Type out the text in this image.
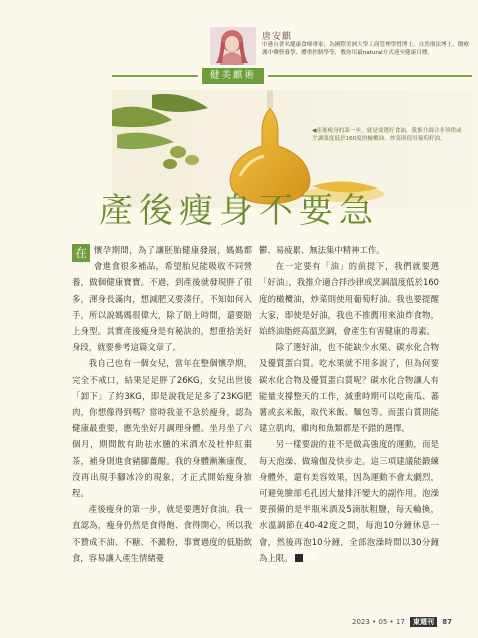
唐安麒
中港台著名健康食療專家；為國際美洲大學工商管理學營博士、自然療法博士、醫療護中藥營養學、體重控制學等，教你用最natural方式達至健康目標。
健美麒術
◀產後瘦身的第一步，就是要選好食油，我推介調合非珍律或烹調溫度低於160度的橄欖油、炒菜則使用葡萄籽油。
產後瘦身不要急

在 懷孕期間，為了讓胚胎健康發展，媽媽都會進食很多補品，希望胎兒能吸收不同營養，做個健康寶寶。不過，到產後就發現胖了很多，渾身長滿肉，想減肥又要湊仔，不知如何入手，所以說媽媽很偉大，除了賠上時間，還要賠上身型。其實產後瘦身是有秘訣的，想重拾美好身段，就要參考這篇文章了。

我自己也有一個女兒，當年在整個懷孕期，完全不戒口，結果足足胖了26KG，女兒出世後「卸下」了約3KG，即是說我足足多了23KG肥肉，你想像得到嗎？當時我並不急於瘦身，認為健康最重要，應先坐好月調理身體。坐月坐了六個月，期間飲有助祛水腫的米酒水及杜仲紅棗茶，補身則進食豬腳薑醋。我的身體漸漸康復，沒再出現手腳冰冷的現象，才正式開始瘦身旅程。

產後瘦身的第一步，就是要選好食油。我一直認為，瘦身仍然是食得飽、食得開心，所以我不贊成不油、不糖、不澱粉，事實過度的低脂飲食，容易讓人產生情緒憂

鬱、易疲累、無法集中精神工作。

在一定要有「油」的前提下，我們就要選「好油」，我推介適合拌沙律或烹調溫度低於160度的橄欖油，炒菜則使用葡萄籽油。我也要提醒大家，即使是好油，我也不推薦用來油炸食物，始終油脂經高溫烹調，會產生有害健康的毒素。

除了選好油，也不能缺少水果、碳水化合物及優質蛋白質。吃水果就不用多說了，但為何要碳水化合物及優質蛋白質呢？碳水化合物讓人有能量支撐整天的工作，減重時期可以吃南瓜、蕃薯或玄米飯，取代米飯、麵包等。而蛋白質則能建立肌肉，雞肉和魚類都是不錯的選擇。

另一樣要說的並不是做高強度的運動，而是每天泡澡、做瑜伽及快步走。這三項建議能鍛練身體外，還有美容效果，因為運動不會太劇烈，可避免臉部毛孔因大量排汗變大的副作用。泡澡要預備的是半瓶米酒及5滴肽粗鹽，每天輪換，水溫調節在40-42度之間，每泡10分鐘休息一會，然後再泡10分鐘，全部泡澡時間以30分鐘為上限。	E

2023 • 05 • 17 東週刊 87
